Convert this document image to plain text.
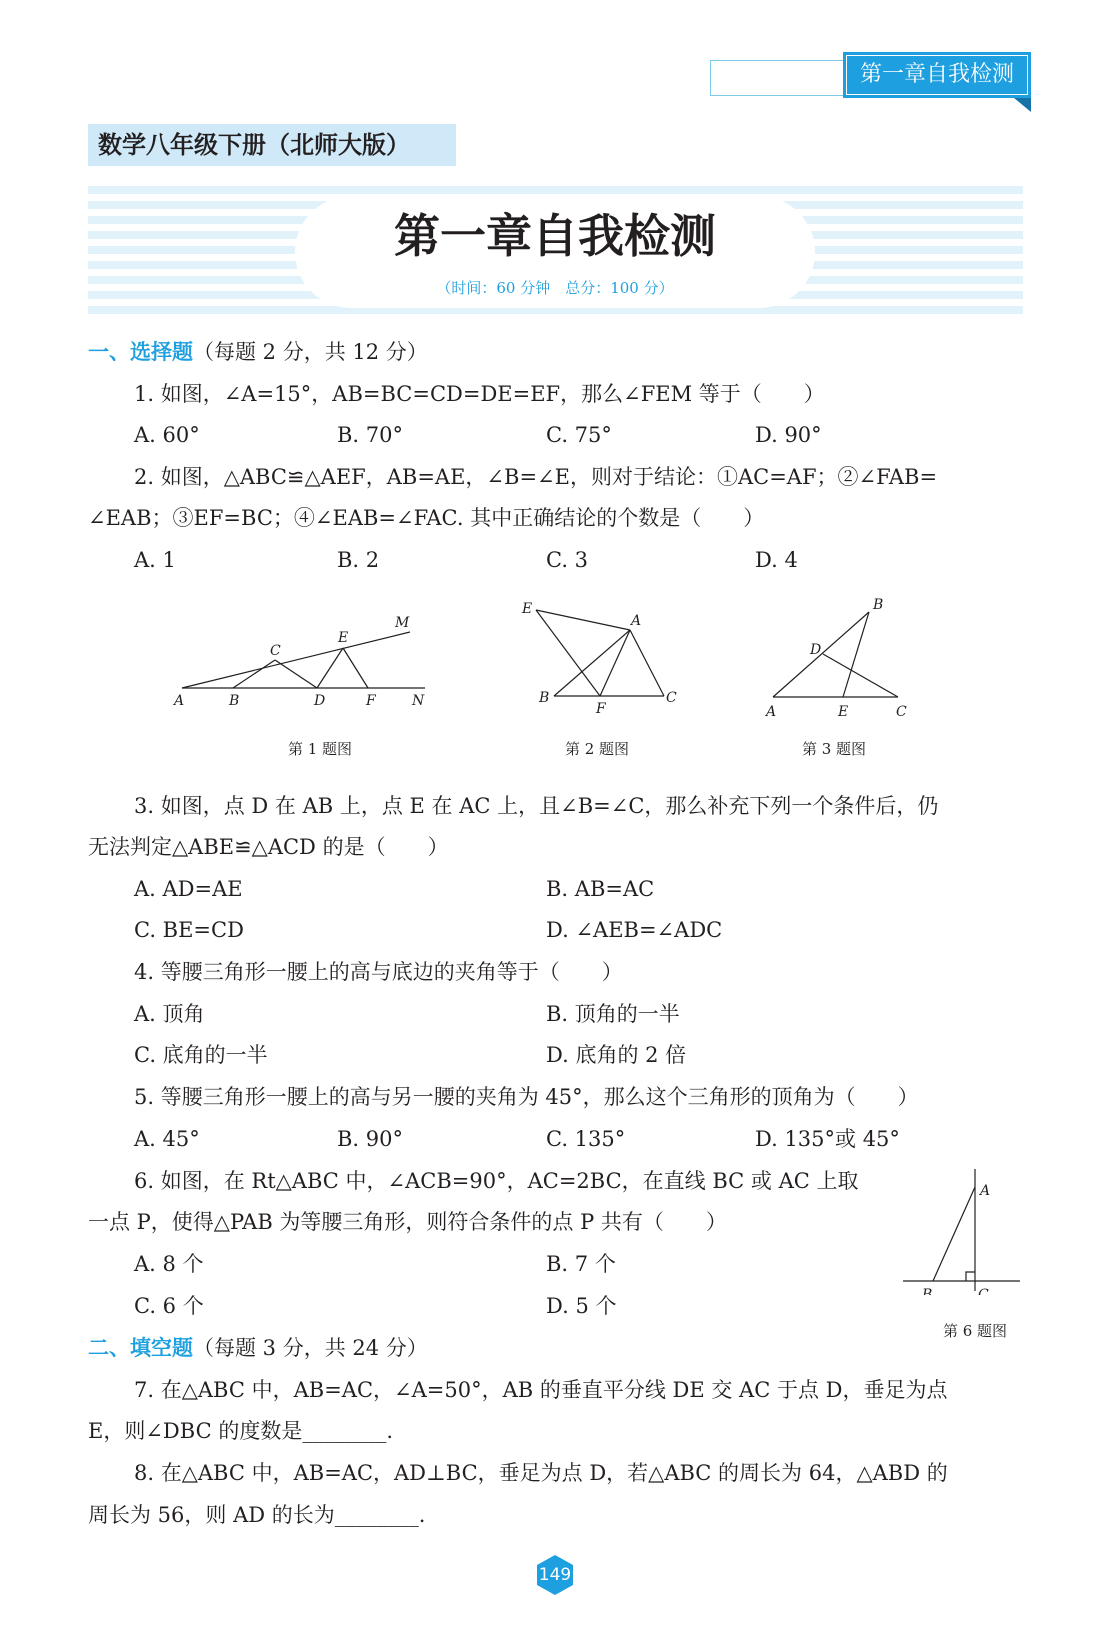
第一章自我检测
数学八年级下册（北师大版）
第一章自我检测
（时间：60 分钟　总分：100 分）
一、选择题（每题 2 分，共 12 分）
1. 如图，∠A=15°，AB=BC=CD=DE=EF，那么∠FEM 等于（　　）
A. 60°	B. 70°	C. 75°	D. 90°
2. 如图，△ABC≌△AEF，AB=AE，∠B=∠E，则对于结论：①AC=AF；②∠FAB=
∠EAB；③EF=BC；④∠EAB=∠FAC. 其中正确结论的个数是（　　）
A. 1	B. 2	C. 3	D. 4
A	B
C
D
E
F
M
N
第 1 题图
E
A
B
F
C
第 2 题图
B
D
A	E	C
第 3 题图
3. 如图，点 D 在 AB 上，点 E 在 AC 上，且∠B=∠C，那么补充下列一个条件后，仍
无法判定△ABE≌△ACD 的是（　　）
A. AD=AE	B. AB=AC
C. BE=CD	D. ∠AEB=∠ADC
4. 等腰三角形一腰上的高与底边的夹角等于（　　）
A. 顶角	B. 顶角的一半
C. 底角的一半	D. 底角的 2 倍
5. 等腰三角形一腰上的高与另一腰的夹角为 45°，那么这个三角形的顶角为（　　）
A. 45°	B. 90°	C. 135°	D. 135°或 45°
6. 如图，在 Rt△ABC 中，∠ACB=90°，AC=2BC，在直线 BC 或 AC 上取
一点 P，使得△PAB 为等腰三角形，则符合条件的点 P 共有（　　）
A. 8 个	B. 7 个
C. 6 个	D. 5 个
A
B	C
第 6 题图
二、填空题（每题 3 分，共 24 分）
7. 在△ABC 中，AB=AC，∠A=50°，AB 的垂直平分线 DE 交 AC 于点 D，垂足为点
E，则∠DBC 的度数是________.
8. 在△ABC 中，AB=AC，AD⊥BC，垂足为点 D，若△ABC 的周长为 64，△ABD 的
周长为 56，则 AD 的长为________.
149
